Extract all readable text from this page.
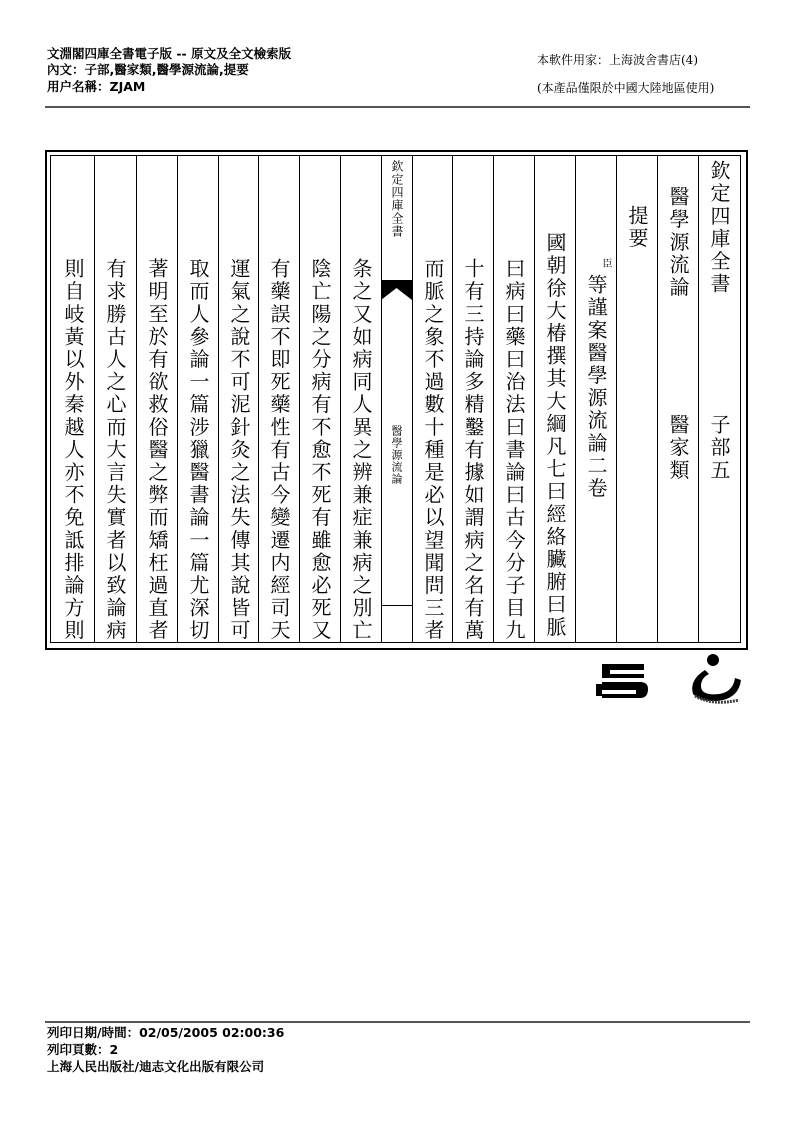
文淵閣四庫全書電子版 -- 原文及全文檢索版
內文：子部,醫家類,醫學源流論,提要
用户名稱：ZJAM
本軟件用家：上海波舍書店(4)
(本產品僅限於中國大陸地區使用)
欽定四庫全書
子部五
醫學源流論
醫家類
提要
臣
等謹案醫學源流論二卷
國朝徐大椿撰其大綱凡七曰經絡臟腑曰脈
曰病曰藥曰治法曰書論曰古今分子目九
十有三持論多精鑿有據如謂病之名有萬
而脈之象不過數十種是必以望聞問三者
欽定四庫全書
醫學源流論
条之又如病同人異之辨兼症兼病之別亡
陰亡陽之分病有不愈不死有雖愈必死又
有藥誤不即死藥性有古今變遷内經司天
運氣之說不可泥針灸之法失傳其說皆可
取而人參論一篇涉獵醫書論一篇尤深切
著明至於有欲救俗醫之弊而矯枉過直者
有求勝古人之心而大言失實者以致論病
則自岐黃以外秦越人亦不免詆排論方則
列印日期/時間：02/05/2005 02:00:36
列印頁數：2
上海人民出版社/迪志文化出版有限公司
